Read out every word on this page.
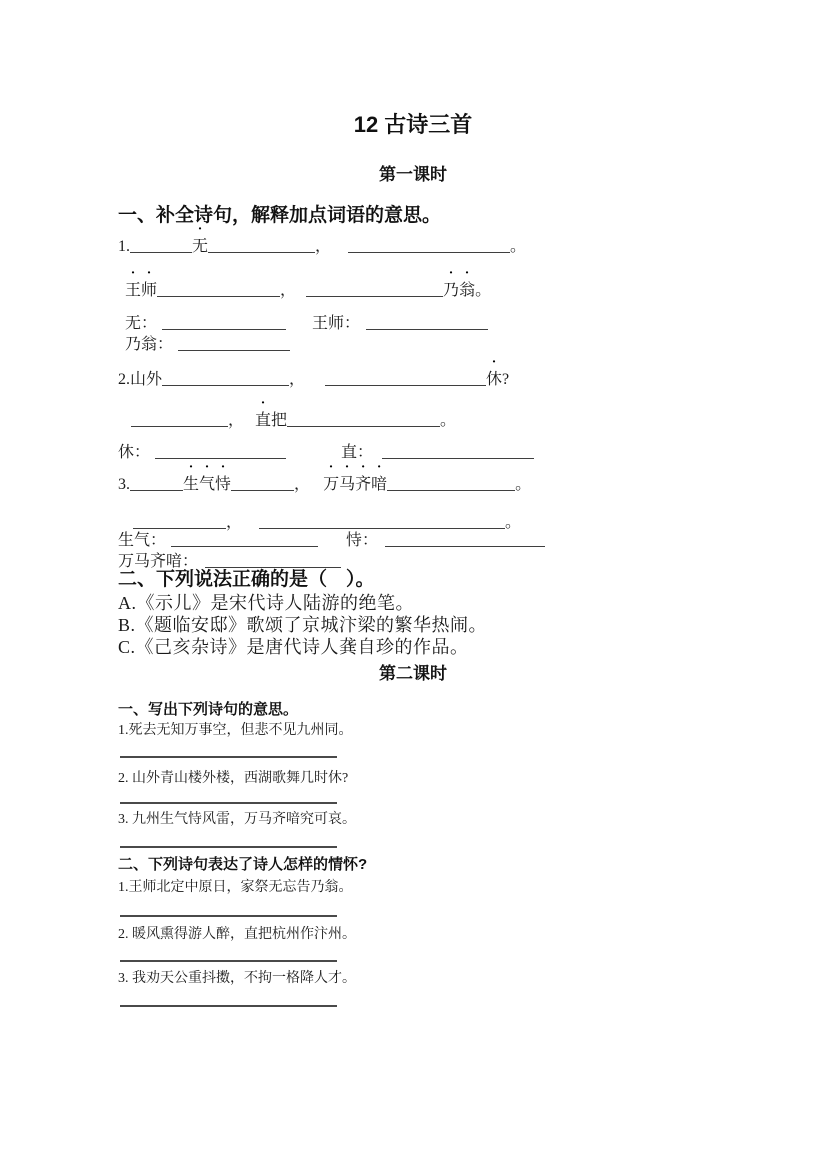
12 古诗三首
第一课时
一、补全诗句，解释加点词语的意思。
1.	无	，	。
王师	，	乃翁。
无：	王师：
乃翁：
2.山外	，	休?
， 直把	。
休：	直：
3.	生气恃	， 万马齐喑	。
，	。
生气：	恃：
万马齐喑：
二、下列说法正确的是（　）。
A.《示儿》是宋代诗人陆游的绝笔。
B.《题临安邸》歌颂了京城汴梁的繁华热闹。
C.《己亥杂诗》是唐代诗人龚自珍的作品。
第二课时
一、写出下列诗句的意思。
1.死去无知万事空，但悲不见九州同。
2. 山外青山楼外楼，西湖歌舞几时休?
3. 九州生气恃风雷，万马齐喑究可哀。
二、下列诗句表达了诗人怎样的情怀?
1.王师北定中原日，家祭无忘告乃翁。
2. 暖风熏得游人醉，直把杭州作汴州。
3. 我劝天公重抖擞，不拘一格降人才。
